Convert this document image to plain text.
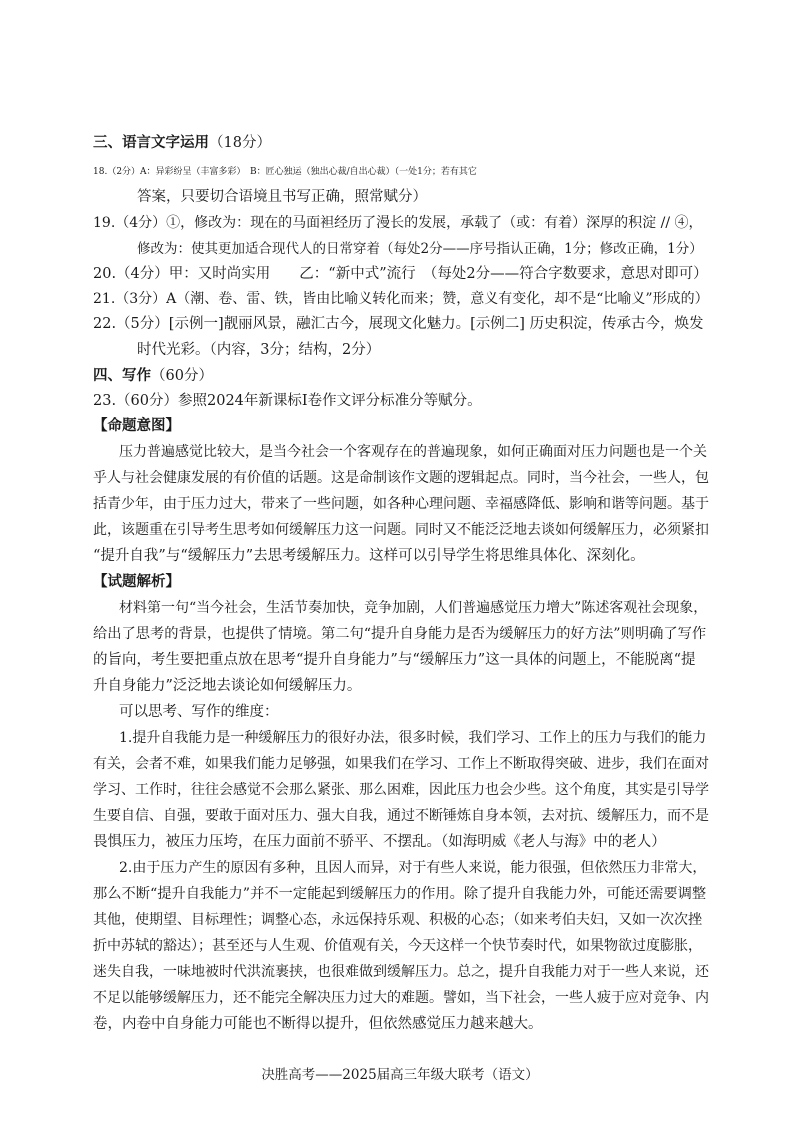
三、语言文字运用（18分）
18.（2分）A：异彩纷呈（丰富多彩）　B：匠心独运（独出心裁/自出心裁）（一处1分；若有其它
答案，只要切合语境且书写正确，照常赋分）
19.（4分）①，修改为：现在的马面袒经历了漫长的发展，承载了（或：有着）深厚的积淀 // ④，
修改为：使其更加适合现代人的日常穿着（每处2分——序号指认正确，1分；修改正确，1分）
20.（4分）甲：又时尚实用　　乙：“新中式”流行　（每处2分——符合字数要求，意思对即可）
21.（3分）A（潮、卷、雷、铁，皆由比喻义转化而来；赞，意义有变化，却不是“比喻义”形成的）
22.（5分）[示例一]靓丽风景，融汇古今，展现文化魅力。[示例二] 历史积淀，传承古今，焕发
时代光彩。（内容，3分；结构，2分）
四、写作（60分）
23.（60分）参照2024年新课标Ⅰ卷作文评分标准分等赋分。
【命题意图】
压力普遍感觉比较大，是当今社会一个客观存在的普遍现象，如何正确面对压力问题也是一个关
乎人与社会健康发展的有价值的话题。这是命制该作文题的逻辑起点。同时，当今社会，一些人，包
括青少年，由于压力过大，带来了一些问题，如各种心理问题、幸福感降低、影响和谐等问题。基于
此，该题重在引导考生思考如何缓解压力这一问题。同时又不能泛泛地去谈如何缓解压力，必须紧扣
“提升自我”与“缓解压力”去思考缓解压力。这样可以引导学生将思维具体化、深刻化。
【试题解析】
材料第一句“当今社会，生活节奏加快，竞争加剧，人们普遍感觉压力增大”陈述客观社会现象，
给出了思考的背景，也提供了情境。第二句“提升自身能力是否为缓解压力的好方法”则明确了写作
的旨向，考生要把重点放在思考“提升自身能力”与“缓解压力”这一具体的问题上，不能脱离“提
升自身能力”泛泛地去谈论如何缓解压力。
可以思考、写作的维度：
1.提升自我能力是一种缓解压力的很好办法，很多时候，我们学习、工作上的压力与我们的能力
有关，会者不难，如果我们能力足够强，如果我们在学习、工作上不断取得突破、进步，我们在面对
学习、工作时，往往会感觉不会那么紧张、那么困难，因此压力也会少些。这个角度，其实是引导学
生要自信、自强，要敢于面对压力、强大自我，通过不断锤炼自身本领，去对抗、缓解压力，而不是
畏惧压力，被压力压垮，在压力面前不骄平、不摆乱。（如海明威《老人与海》中的老人）
2.由于压力产生的原因有多种，且因人而异，对于有些人来说，能力很强，但依然压力非常大，
那么不断“提升自我能力”并不一定能起到缓解压力的作用。除了提升自我能力外，可能还需要调整
其他，使期望、目标理性；调整心态，永远保持乐观、积极的心态；（如来考伯夫妇，又如一次次挫
折中苏轼的豁达）；甚至还与人生观、价值观有关，今天这样一个快节奏时代，如果物欲过度膨胀，
迷失自我，一味地被时代洪流裹挟，也很难做到缓解压力。总之，提升自我能力对于一些人来说，还
不足以能够缓解压力，还不能完全解决压力过大的难题。譬如，当下社会，一些人疲于应对竞争、内
卷，内卷中自身能力可能也不断得以提升，但依然感觉压力越来越大。
决胜高考——2025届高三年级大联考（语文）
